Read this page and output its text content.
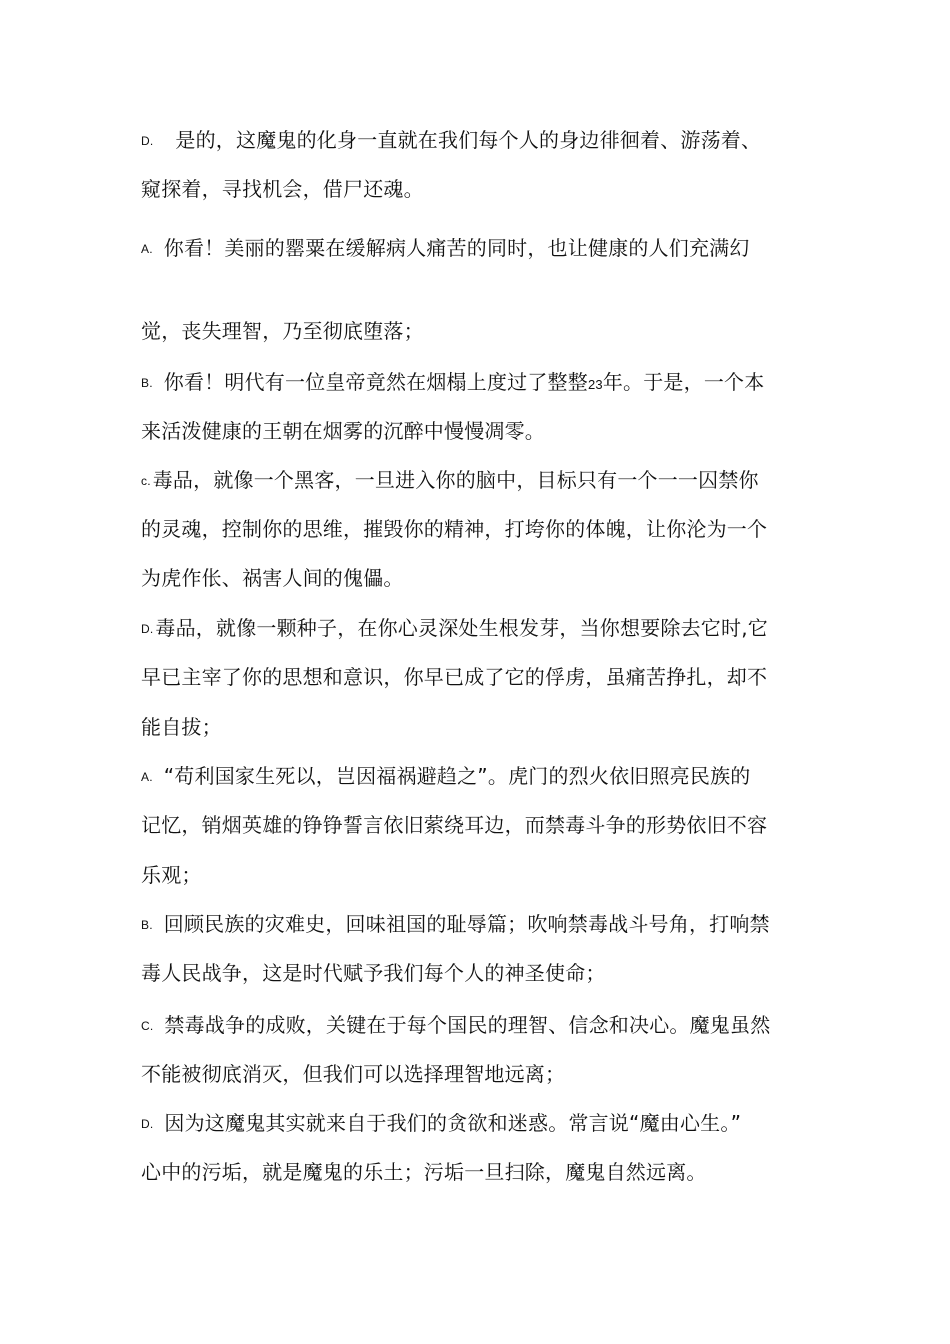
D. 是的，这魔鬼的化身一直就在我们每个人的身边徘徊着、游荡着、
窥探着，寻找机会，借尸还魂。
A. 你看！美丽的罂粟在缓解病人痛苦的同时，也让健康的人们充满幻
觉，丧失理智，乃至彻底堕落；
B. 你看！明代有一位皇帝竟然在烟榻上度过了整整23年。于是，一个本
来活泼健康的王朝在烟雾的沉醉中慢慢凋零。
c. 毒品，就像一个黑客，一旦进入你的脑中，目标只有一个一一囚禁你
的灵魂，控制你的思维，摧毁你的精神，打垮你的体魄，让你沦为一个
为虎作伥、祸害人间的傀儡。
D. 毒品，就像一颗种子，在你心灵深处生根发芽，当你想要除去它时,它
早已主宰了你的思想和意识，你早已成了它的俘虏，虽痛苦挣扎，却不
能自拔；
A. “苟利国家生死以，岂因福祸避趋之”。虎门的烈火依旧照亮民族的
记忆，销烟英雄的铮铮誓言依旧萦绕耳边，而禁毒斗争的形势依旧不容
乐观；
B. 回顾民族的灾难史，回味祖国的耻辱篇；吹响禁毒战斗号角，打响禁
毒人民战争，这是时代赋予我们每个人的神圣使命；
C. 禁毒战争的成败，关键在于每个国民的理智、信念和决心。魔鬼虽然
不能被彻底消灭，但我们可以选择理智地远离；
D. 因为这魔鬼其实就来自于我们的贪欲和迷惑。常言说“魔由心生。”
心中的污垢，就是魔鬼的乐土；污垢一旦扫除，魔鬼自然远离。
